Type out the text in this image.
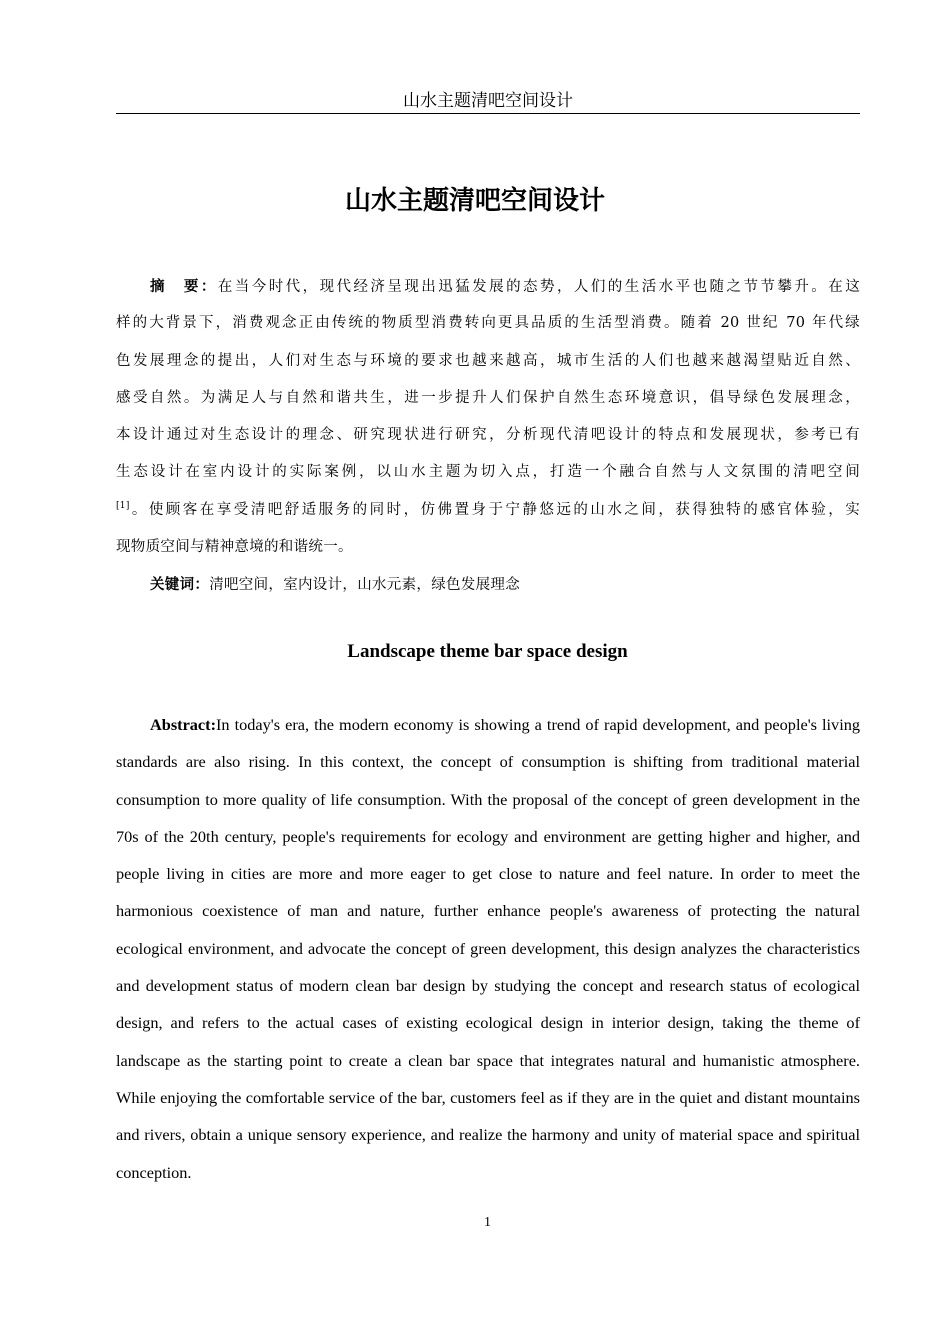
山水主题清吧空间设计
山水主题清吧空间设计
摘　要：在当今时代，现代经济呈现出迅猛发展的态势，人们的生活水平也随之节节攀升。在这
样的大背景下，消费观念正由传统的物质型消费转向更具品质的生活型消费。随着 20 世纪 70 年代绿
色发展理念的提出，人们对生态与环境的要求也越来越高，城市生活的人们也越来越渴望贴近自然、
感受自然。为满足人与自然和谐共生，进一步提升人们保护自然生态环境意识，倡导绿色发展理念，
本设计通过对生态设计的理念、研究现状进行研究，分析现代清吧设计的特点和发展现状，参考已有
生态设计在室内设计的实际案例，以山水主题为切入点，打造一个融合自然与人文氛围的清吧空间
[1]。使顾客在享受清吧舒适服务的同时，仿佛置身于宁静悠远的山水之间，获得独特的感官体验，实
现物质空间与精神意境的和谐统一。
关键词：清吧空间，室内设计，山水元素，绿色发展理念
Landscape theme bar space design
Abstract:In today's era, the modern economy is showing a trend of rapid development, and people's living
standards are also rising. In this context, the concept of consumption is shifting from traditional material
consumption to more quality of life consumption. With the proposal of the concept of green development in the
70s of the 20th century, people's requirements for ecology and environment are getting higher and higher, and
people living in cities are more and more eager to get close to nature and feel nature. In order to meet the
harmonious coexistence of man and nature, further enhance people's awareness of protecting the natural
ecological environment, and advocate the concept of green development, this design analyzes the characteristics
and development status of modern clean bar design by studying the concept and research status of ecological
design, and refers to the actual cases of existing ecological design in interior design, taking the theme of
landscape as the starting point to create a clean bar space that integrates natural and humanistic atmosphere.
While enjoying the comfortable service of the bar, customers feel as if they are in the quiet and distant mountains
and rivers, obtain a unique sensory experience, and realize the harmony and unity of material space and spiritual
conception.
1
